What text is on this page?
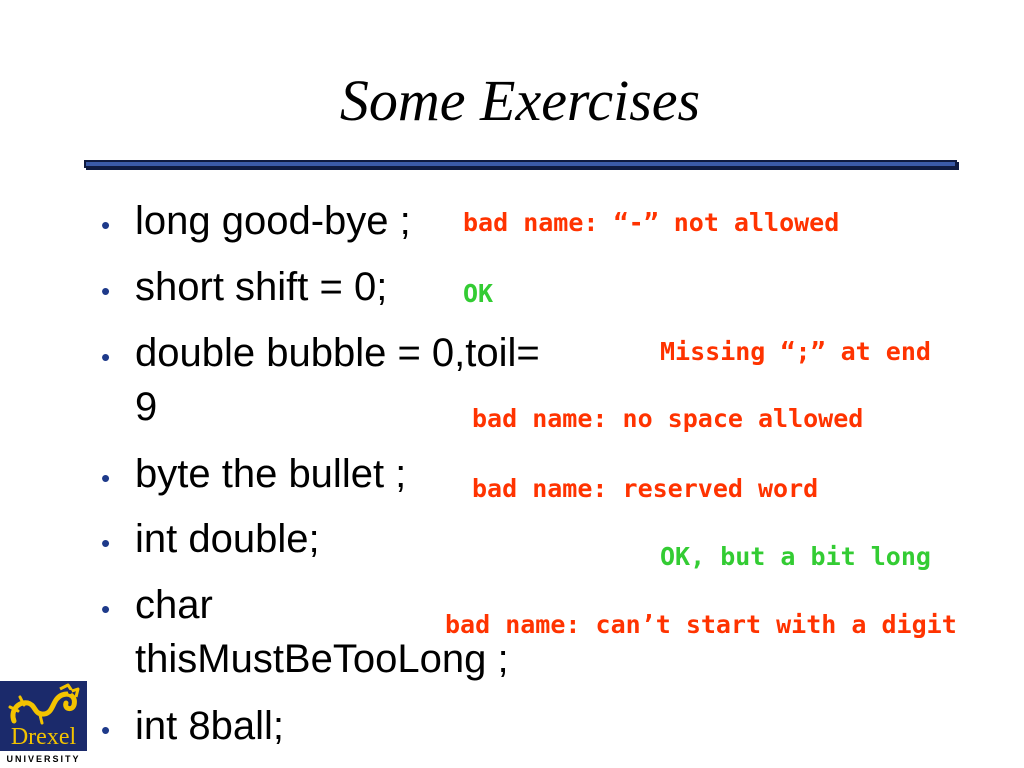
Some Exercises
• long good-bye ;
• short shift = 0;
• double bubble = 0,toil=
9
• byte the bullet ;
• int double;
• char
thisMustBeTooLong ;
• int 8ball;
bad name: “-” not allowed
OK
Missing “;” at end
bad name: no space allowed
bad name: reserved word
OK, but a bit long
bad name: can’t start with a digit
Drexel
UNIVERSITY
